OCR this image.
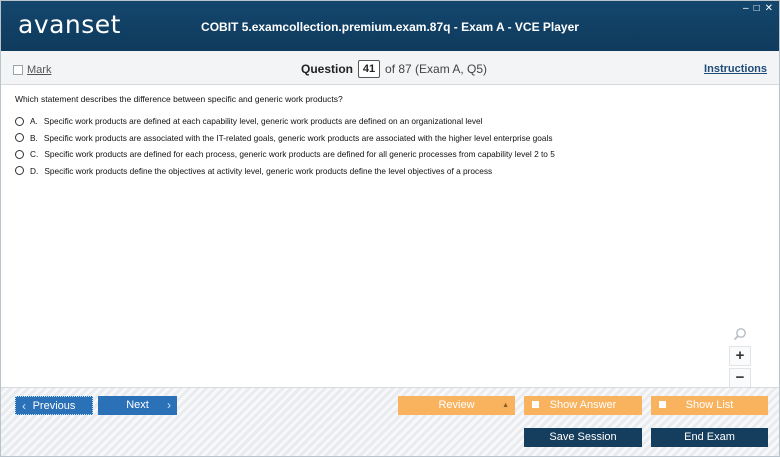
avanset	COBIT 5.examcollection.premium.exam.87q - Exam A - VCE Player
– □ ✕
Mark	Question 41 of 87 (Exam A, Q5)	Instructions
Which statement describes the difference between specific and generic work products?
A. Specific work products are defined at each capability level, generic work products are defined on an organizational level
B. Specific work products are associated with the IT-related goals, generic work products are associated with the higher level enterprise goals
C. Specific work products are defined for each process, generic work products are defined for all generic processes from capability level 2 to 5
D. Specific work products define the objectives at activity level, generic work products define the level objectives of a process
+
−
‹ Previous	Next ›	Review	▲	Show Answer	Show List
Save Session	End Exam
